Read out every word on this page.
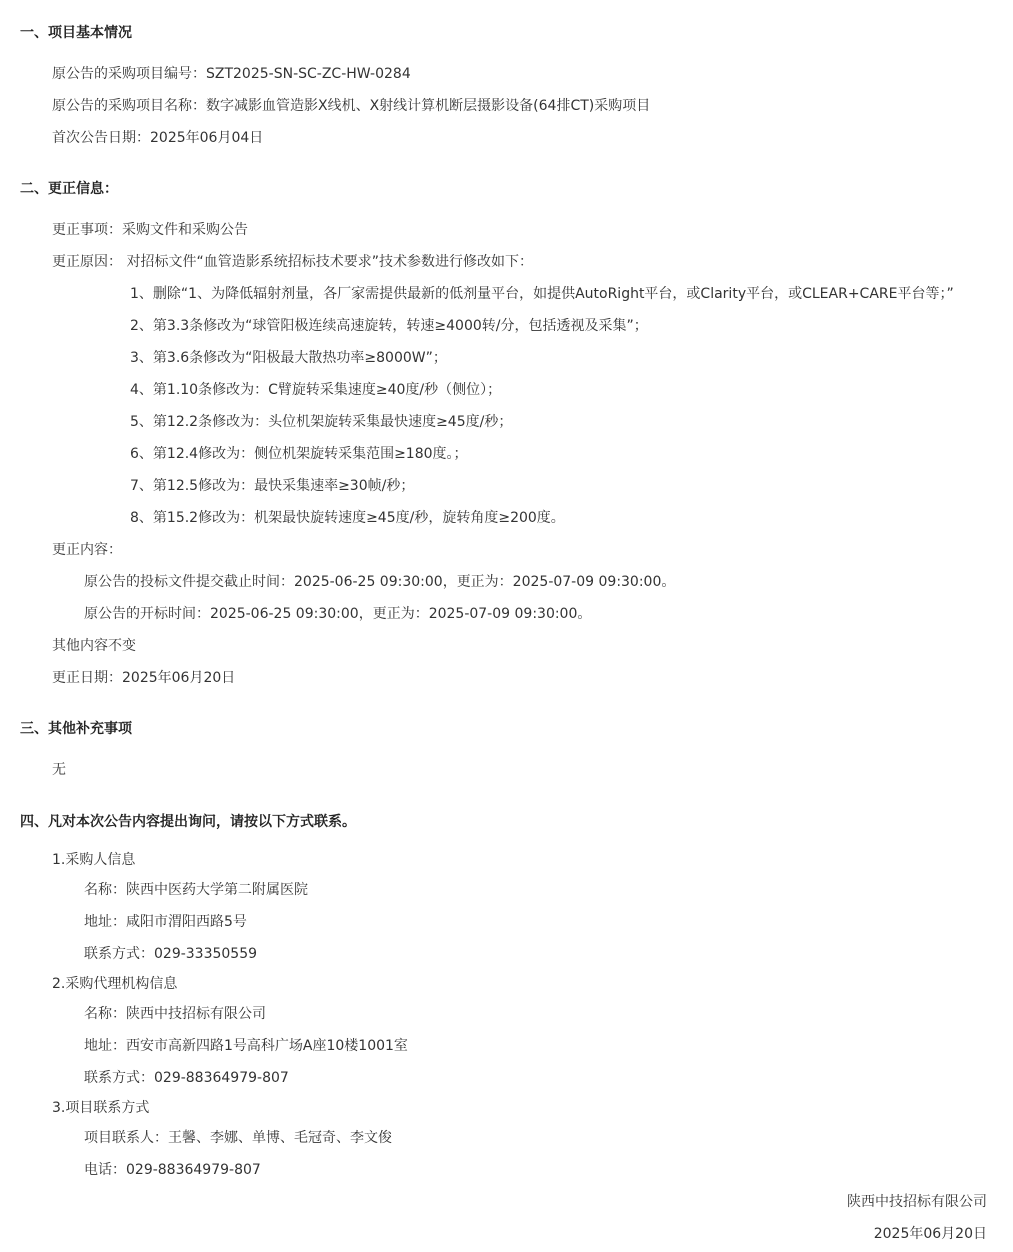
一、项目基本情况
原公告的采购项目编号：SZT2025-SN-SC-ZC-HW-0284
原公告的采购项目名称：数字减影血管造影X线机、X射线计算机断层摄影设备(64排CT)采购项目
首次公告日期：2025年06月04日
二、更正信息：
更正事项：采购文件和采购公告
更正原因： 对招标文件“血管造影系统招标技术要求”技术参数进行修改如下：
1、删除“1、为降低辐射剂量，各厂家需提供最新的低剂量平台，如提供AutoRight平台，或Clarity平台，或CLEAR+CARE平台等；”
2、第3.3条修改为“球管阳极连续高速旋转，转速≥4000转/分，包括透视及采集”；
3、第3.6条修改为“阳极最大散热功率≥8000W”；
4、第1.10条修改为：C臂旋转采集速度≥40度/秒（侧位）；
5、第12.2条修改为：头位机架旋转采集最快速度≥45度/秒；
6、第12.4修改为：侧位机架旋转采集范围≥180度。；
7、第12.5修改为：最快采集速率≥30帧/秒；
8、第15.2修改为：机架最快旋转速度≥45度/秒，旋转角度≥200度。
更正内容：
原公告的投标文件提交截止时间：2025-06-25 09:30:00，更正为：2025-07-09 09:30:00。
原公告的开标时间：2025-06-25 09:30:00，更正为：2025-07-09 09:30:00。
其他内容不变
更正日期：2025年06月20日
三、其他补充事项
无
四、凡对本次公告内容提出询问，请按以下方式联系。
1.采购人信息
名称：陕西中医药大学第二附属医院
地址：咸阳市渭阳西路5号
联系方式：029-33350559
2.采购代理机构信息
名称：陕西中技招标有限公司
地址：西安市高新四路1号高科广场A座10楼1001室
联系方式：029-88364979-807
3.项目联系方式
项目联系人：王馨、李娜、单博、毛冠奇、李文俊
电话：029-88364979-807
陕西中技招标有限公司
2025年06月20日
